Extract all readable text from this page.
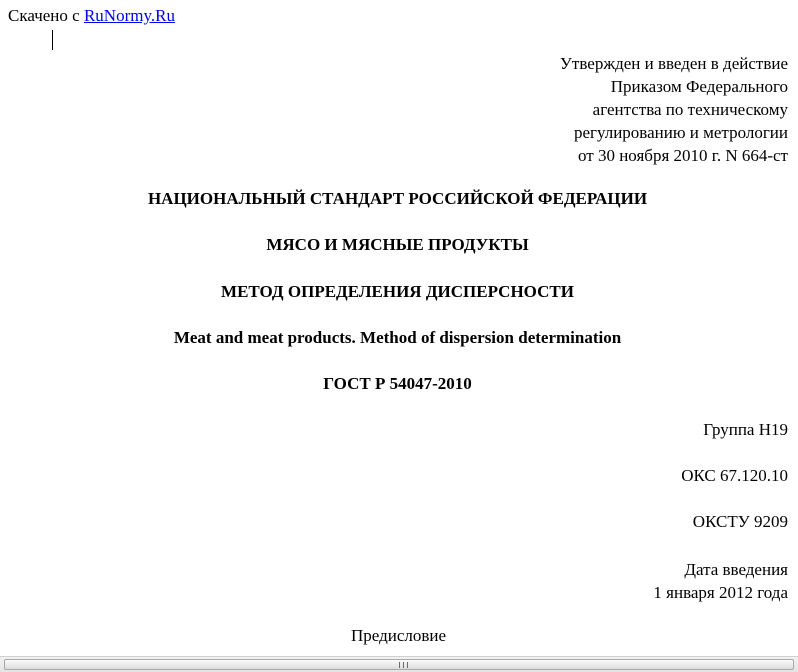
Скачено с RuNormy.Ru
Утвержден и введен в действие
Приказом Федерального
агентства по техническому
регулированию и метрологии
от 30 ноября 2010 г. N 664-ст
НАЦИОНАЛЬНЫЙ СТАНДАРТ РОССИЙСКОЙ ФЕДЕРАЦИИ
МЯСО И МЯСНЫЕ ПРОДУКТЫ
МЕТОД ОПРЕДЕЛЕНИЯ ДИСПЕРСНОСТИ
Meat and meat products. Method of dispersion determination
ГОСТ Р 54047-2010
Группа Н19
ОКС 67.120.10
ОКСТУ 9209
Дата введения
1 января 2012 года
Предисловие
